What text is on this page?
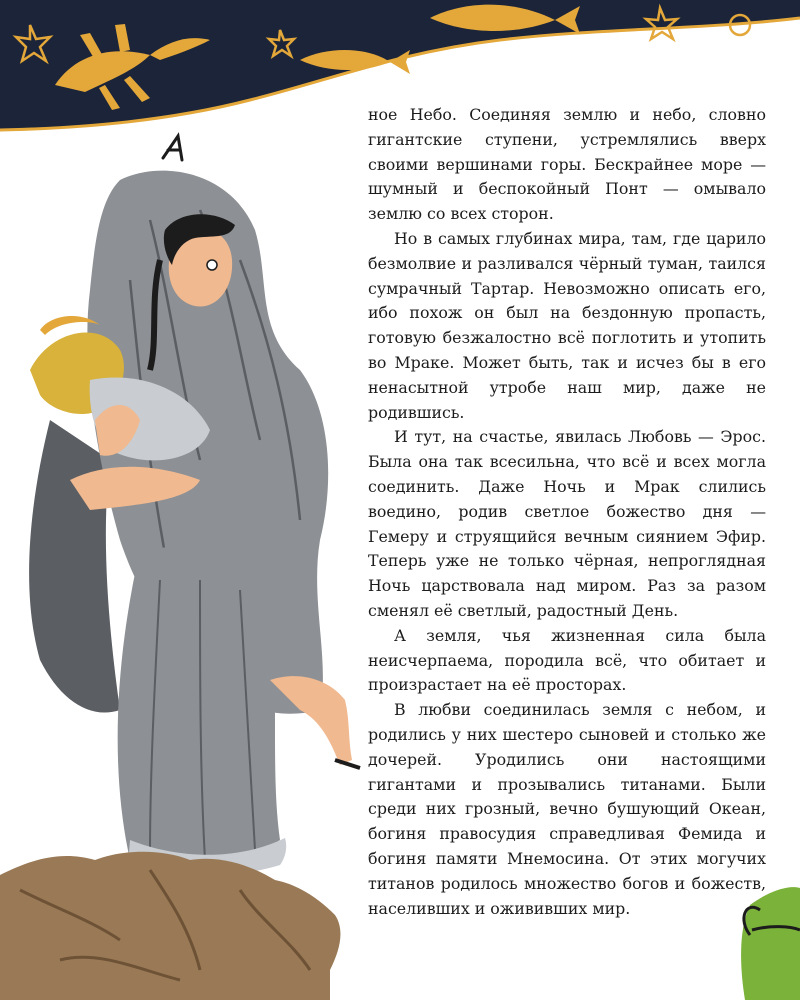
ное Небо. Соединяя землю и небо, словно гигантские ступени, устремлялись вверх своими вершинами горы. Бескрайнее море — шумный и беспокойный Понт — омывало землю со всех сторон.

Но в самых глубинах мира, там, где царило безмолвие и разливался чёрный туман, таился сумрачный Тартар. Невозможно описать его, ибо похож он был на бездонную пропасть, готовую безжалостно всё поглотить и утопить во Мраке. Может быть, так и исчез бы в его ненасытной утробе наш мир, даже не родившись.

И тут, на счастье, явилась Любовь — Эрос. Была она так всесильна, что всё и всех могла соединить. Даже Ночь и Мрак слились воедино, родив светлое божество дня — Гемеру и струящийся вечным сиянием Эфир. Теперь уже не только чёрная, непроглядная Ночь царствовала над миром. Раз за разом сменял её светлый, радостный День.

А земля, чья жизненная сила была неисчерпаема, породила всё, что обитает и произрастает на её просторах.

В любви соединилась земля с небом, и родились у них шестеро сыновей и столько же дочерей. Уродились они настоящими гигантами и прозывались титанами. Были среди них грозный, вечно бушующий Океан, богиня правосудия справедливая Фемида и богиня памяти Мнемосина. От этих могучих титанов родилось множество богов и божеств, населивших и ожививших мир.
